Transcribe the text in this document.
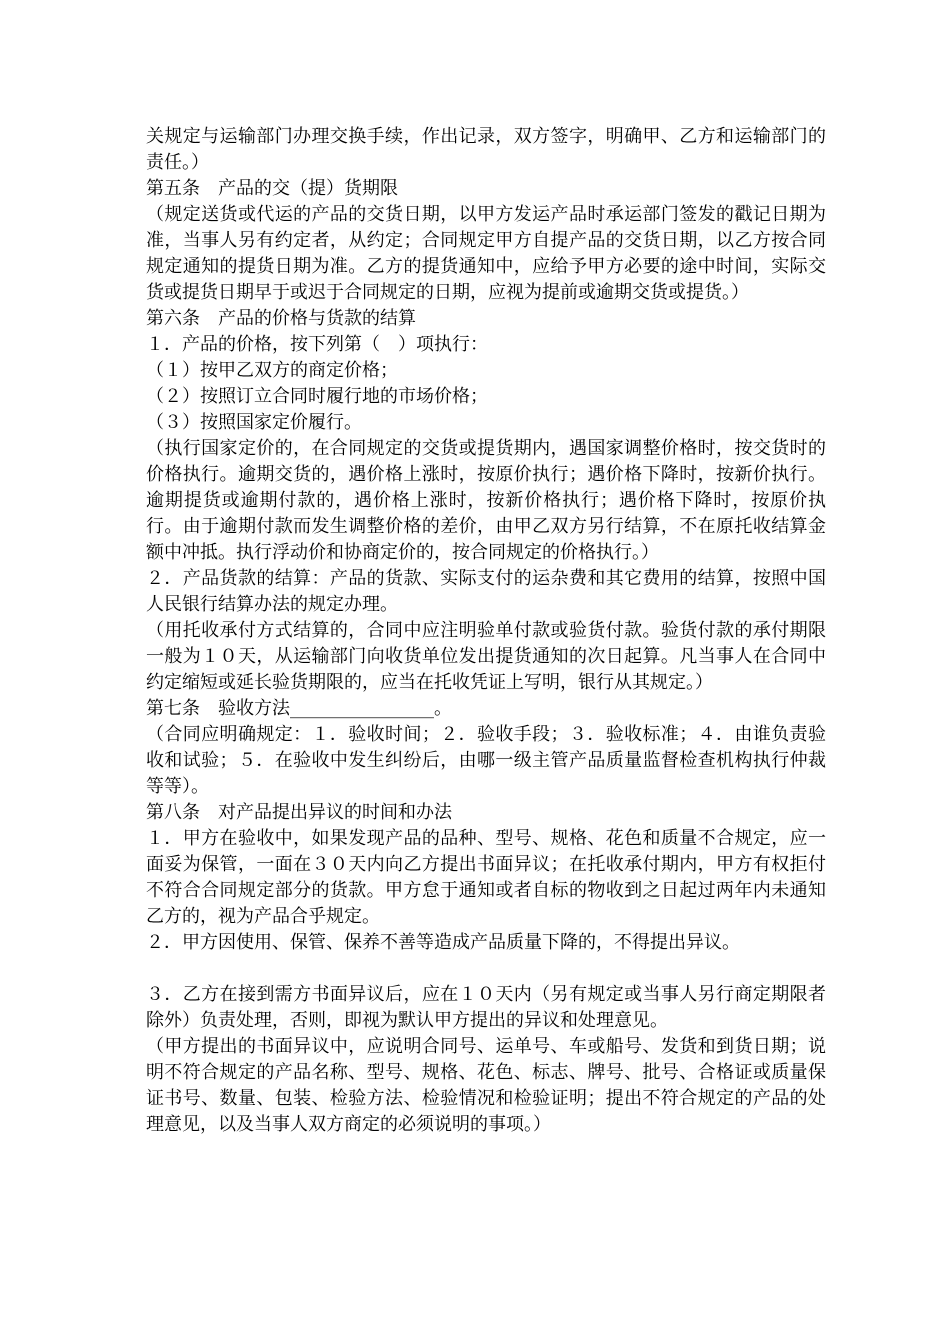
关规定与运输部门办理交换手续，作出记录，双方签字，明确甲、乙方和运输部门的责任。）

第五条　产品的交（提）货期限

（规定送货或代运的产品的交货日期，以甲方发运产品时承运部门签发的戳记日期为准，当事人另有约定者，从约定；合同规定甲方自提产品的交货日期，以乙方按合同规定通知的提货日期为准。乙方的提货通知中，应给予甲方必要的途中时间，实际交货或提货日期早于或迟于合同规定的日期，应视为提前或逾期交货或提货。）

第六条　产品的价格与货款的结算

１．产品的价格，按下列第（　）项执行：

（１）按甲乙双方的商定价格；

（２）按照订立合同时履行地的市场价格；

（３）按照国家定价履行。

（执行国家定价的，在合同规定的交货或提货期内，遇国家调整价格时，按交货时的价格执行。逾期交货的，遇价格上涨时，按原价执行；遇价格下降时，按新价执行。逾期提货或逾期付款的，遇价格上涨时，按新价格执行；遇价格下降时，按原价执行。由于逾期付款而发生调整价格的差价，由甲乙双方另行结算，不在原托收结算金额中冲抵。执行浮动价和协商定价的，按合同规定的价格执行。）

２．产品货款的结算：产品的货款、实际支付的运杂费和其它费用的结算，按照中国人民银行结算办法的规定办理。

（用托收承付方式结算的，合同中应注明验单付款或验货付款。验货付款的承付期限一般为１０天，从运输部门向收货单位发出提货通知的次日起算。凡当事人在合同中约定缩短或延长验货期限的，应当在托收凭证上写明，银行从其规定。）

第七条　验收方法________________。

（合同应明确规定：１．验收时间；２．验收手段；３．验收标准；４．由谁负责验收和试验；５．在验收中发生纠纷后，由哪一级主管产品质量监督检查机构执行仲裁等等）。

第八条　对产品提出异议的时间和办法

１．甲方在验收中，如果发现产品的品种、型号、规格、花色和质量不合规定，应一面妥为保管，一面在３０天内向乙方提出书面异议；在托收承付期内，甲方有权拒付不符合合同规定部分的货款。甲方怠于通知或者自标的物收到之日起过两年内未通知乙方的，视为产品合乎规定。

２．甲方因使用、保管、保养不善等造成产品质量下降的，不得提出异议。

３．乙方在接到需方书面异议后，应在１０天内（另有规定或当事人另行商定期限者除外）负责处理，否则，即视为默认甲方提出的异议和处理意见。

（甲方提出的书面异议中，应说明合同号、运单号、车或船号、发货和到货日期；说明不符合规定的产品名称、型号、规格、花色、标志、牌号、批号、合格证或质量保证书号、数量、包装、检验方法、检验情况和检验证明；提出不符合规定的产品的处理意见，以及当事人双方商定的必须说明的事项。）
